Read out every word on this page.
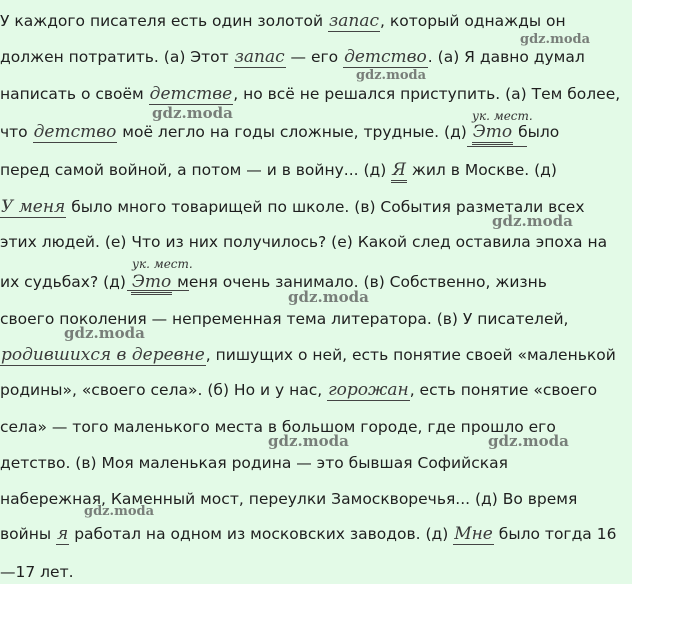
У каждого писателя есть один золотой запас, который однажды он
должен потратить. (а) Этот запас — его детство. (а) Я давно думал
написать о своём детстве, но всё не решался приступить. (а) Тем более,
что детство моё легло на годы сложные, трудные. (д) Это было
перед самой войной, а потом — и в войну... (д) Я жил в Москве. (д)
У меня было много товарищей по школе. (в) События разметали всех
этих людей. (е) Что из них получилось? (е) Какой след оставила эпоха на
их судьбах? (д) Это меня очень занимало. (в) Собственно, жизнь
своего поколения — непременная тема литератора. (в) У писателей,
родившихся в деревне, пишущих о ней, есть понятие своей «маленькой
родины», «своего села». (б) Но и у нас, горожан, есть понятие «своего
села» — того маленького места в большом городе, где прошло его
детство. (в) Моя маленькая родина — это бывшая Софийская
набережная, Каменный мост, переулки Замоскворечья... (д) Во время
войны я работал на одном из московских заводов. (д) Мне было тогда 16
—17 лет.
ук. мест.
ук. мест.
gdz.moda
gdz.moda
gdz.moda
gdz.moda
gdz.moda
gdz.moda
gdz.moda	gdz.moda
gdz.moda
